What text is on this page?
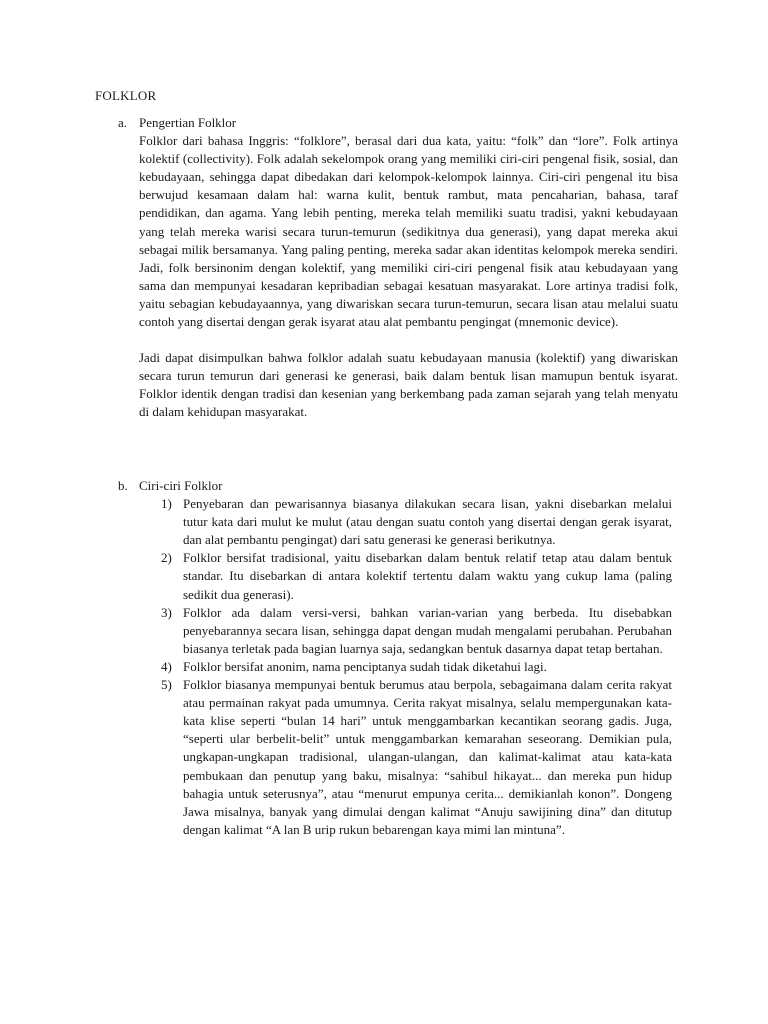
FOLKLOR
a. Pengertian Folklor

Folklor dari bahasa Inggris: “folklore”, berasal dari dua kata, yaitu: “folk” dan “lore”. Folk artinya kolektif (collectivity). Folk adalah sekelompok orang yang memiliki ciri-ciri pengenal fisik, sosial, dan kebudayaan, sehingga dapat dibedakan dari kelompok-kelompok lainnya. Ciri-ciri pengenal itu bisa berwujud kesamaan dalam hal: warna kulit, bentuk rambut, mata pencaharian, bahasa, taraf pendidikan, dan agama. Yang lebih penting, mereka telah memiliki suatu tradisi, yakni kebudayaan yang telah mereka warisi secara turun-temurun (sedikitnya dua generasi), yang dapat mereka akui sebagai milik bersamanya. Yang paling penting, mereka sadar akan identitas kelompok mereka sendiri. Jadi, folk bersinonim dengan kolektif, yang memiliki ciri-ciri pengenal fisik atau kebudayaan yang sama dan mempunyai kesadaran kepribadian sebagai kesatuan masyarakat. Lore artinya tradisi folk, yaitu sebagian kebudayaannya, yang diwariskan secara turun-temurun, secara lisan atau melalui suatu contoh yang disertai dengan gerak isyarat atau alat pembantu pengingat (mnemonic device).

Jadi dapat disimpulkan bahwa folklor adalah suatu kebudayaan manusia (kolektif) yang diwariskan secara turun temurun dari generasi ke generasi, baik dalam bentuk lisan mamupun bentuk isyarat. Folklor identik dengan tradisi dan kesenian yang berkembang pada zaman sejarah yang telah menyatu di dalam kehidupan masyarakat.

b. Ciri-ciri Folklor
1) Penyebaran dan pewarisannya biasanya dilakukan secara lisan, yakni disebarkan melalui tutur kata dari mulut ke mulut (atau dengan suatu contoh yang disertai dengan gerak isyarat, dan alat pembantu pengingat) dari satu generasi ke generasi berikutnya.
2) Folklor bersifat tradisional, yaitu disebarkan dalam bentuk relatif tetap atau dalam bentuk standar. Itu disebarkan di antara kolektif tertentu dalam waktu yang cukup lama (paling sedikit dua generasi).
3) Folklor ada dalam versi-versi, bahkan varian-varian yang berbeda. Itu disebabkan penyebarannya secara lisan, sehingga dapat dengan mudah mengalami perubahan. Perubahan biasanya terletak pada bagian luarnya saja, sedangkan bentuk dasarnya dapat tetap bertahan.
4) Folklor bersifat anonim, nama penciptanya sudah tidak diketahui lagi.
5) Folklor biasanya mempunyai bentuk berumus atau berpola, sebagaimana dalam cerita rakyat atau permainan rakyat pada umumnya. Cerita rakyat misalnya, selalu mempergunakan kata-kata klise seperti “bulan 14 hari” untuk menggambarkan kecantikan seorang gadis. Juga, “seperti ular berbelit-belit” untuk menggambarkan kemarahan seseorang. Demikian pula, ungkapan-ungkapan tradisional, ulangan-ulangan, dan kalimat-kalimat atau kata-kata pembukaan dan penutup yang baku, misalnya: “sahibul hikayat... dan mereka pun hidup bahagia untuk seterusnya”, atau “menurut empunya cerita... demikianlah konon”. Dongeng Jawa misalnya, banyak yang dimulai dengan kalimat “Anuju sawijining dina” dan ditutup dengan kalimat “A lan B urip rukun bebarengan kaya mimi lan mintuna”.
